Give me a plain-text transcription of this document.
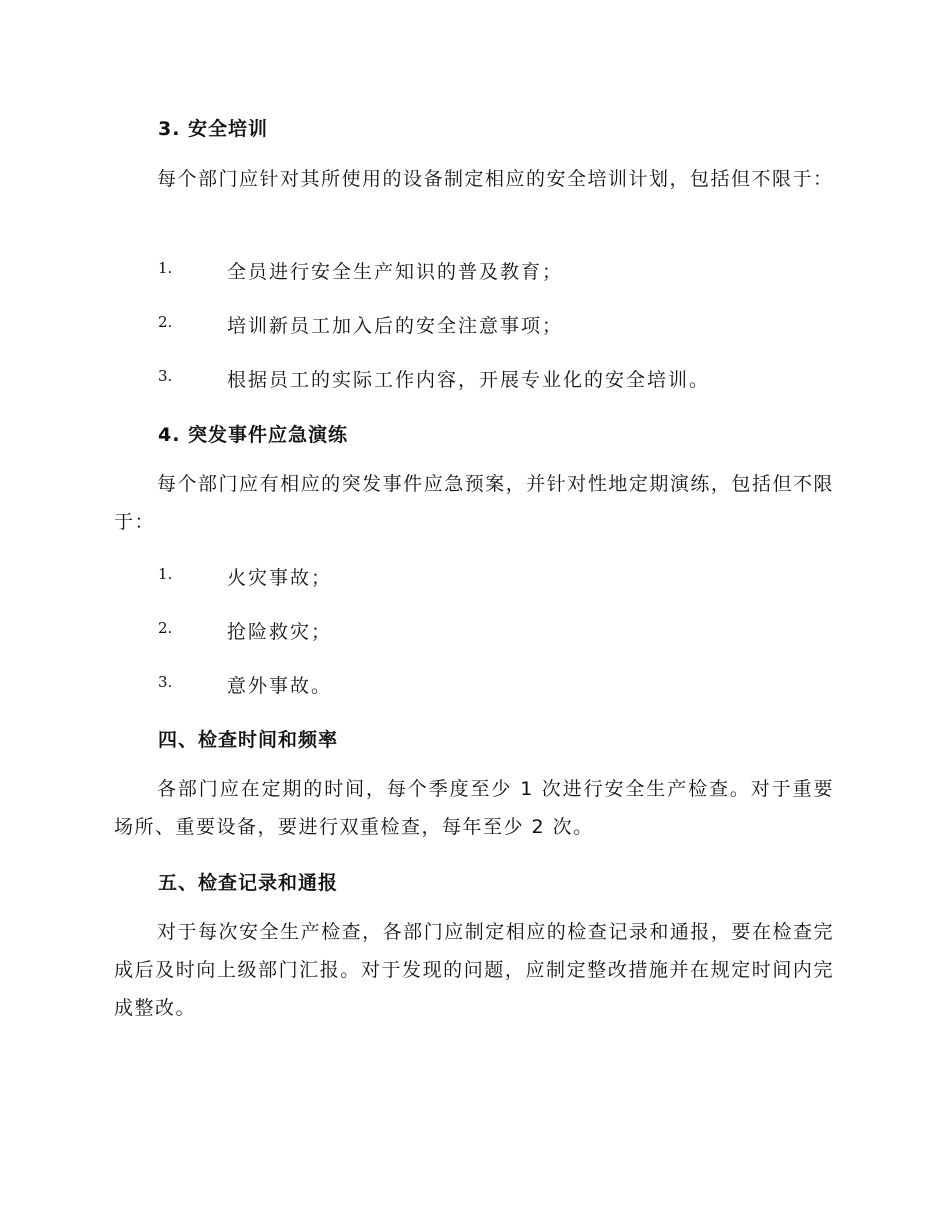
3. 安全培训
每个部门应针对其所使用的设备制定相应的安全培训计划，包括但不限于：
1.	全员进行安全生产知识的普及教育；
2.	培训新员工加入后的安全注意事项；
3.	根据员工的实际工作内容，开展专业化的安全培训。
4. 突发事件应急演练
每个部门应有相应的突发事件应急预案，并针对性地定期演练，包括但不限于：
1.	火灾事故；
2.	抢险救灾；
3.	意外事故。
四、检查时间和频率
各部门应在定期的时间，每个季度至少 1 次进行安全生产检查。对于重要场所、重要设备，要进行双重检查，每年至少 2 次。
五、检查记录和通报
对于每次安全生产检查，各部门应制定相应的检查记录和通报，要在检查完成后及时向上级部门汇报。对于发现的问题，应制定整改措施并在规定时间内完成整改。
